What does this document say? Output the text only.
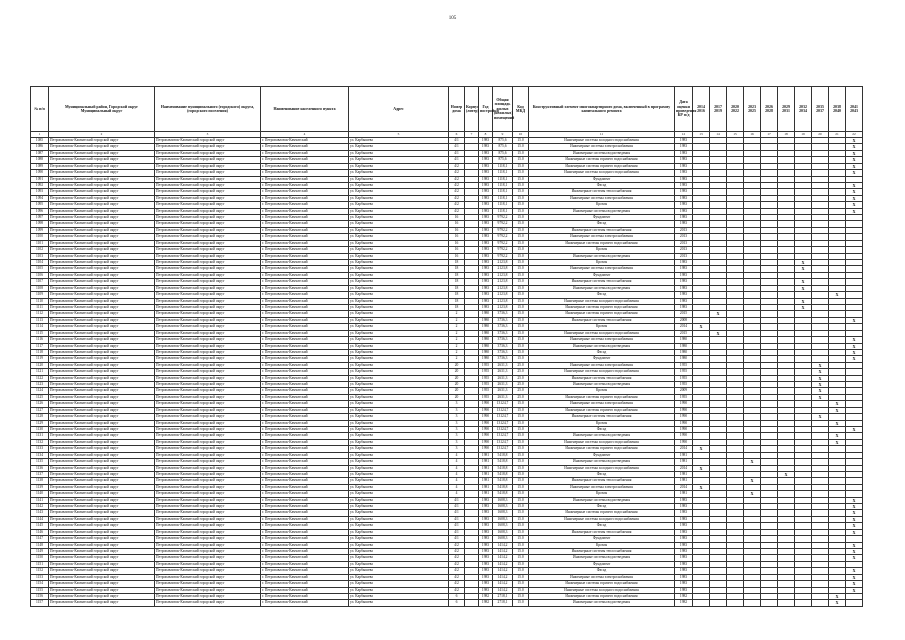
105
№ п/п	Муниципальный район, Городской округ Муниципальный округ	Наименование муниципального (городского) округа, (городского поселения)	Наименование населенного пункта	Адрес	Номер дома	Корпус (литер)	Год постройки	Общая площадь жилых (нежилых) помещений	Код МКД	Конструктивный элемент многоквартирного дома, включенный в программу капитального ремонта	Дата оценки проведения КР м/д	2014 2016	2017 2019	2020 2022	2023 2025	2026 2028	2029 2031	2032 2034	2035 2037	2038 2040	2041 2043
1	2	3	4	5	6	7	8	9	10	11	12	13	14	15	16	17	18	19	20	21	22
1085	Петропавловск-Камчатский городской округ	Петропавловск-Камчатский городской округ	г. Петропавловск-Камчатский	ул. Карбышева	4/1		1983	875,6	15.0	Инженерные системы холодного водоснабжения	1983										X
1086	Петропавловск-Камчатский городской округ	Петропавловск-Камчатский городской округ	г. Петропавловск-Камчатский	ул. Карбышева	4/1		1983	875,6	15.0	Инженерные системы электроснабжения	1983										X
1087	Петропавловск-Камчатский городской округ	Петропавловск-Камчатский городской округ	г. Петропавловск-Камчатский	ул. Карбышева	4/1		1983	875,6	15.0	Инженерные системы водоотведения	1983										X
1088	Петропавловск-Камчатский городской округ	Петропавловск-Камчатский городской округ	г. Петропавловск-Камчатский	ул. Карбышева	4/1		1983	875,6	15.0	Инженерные системы горячего водоснабжения	1983										X
1089	Петропавловск-Камчатский городской округ	Петропавловск-Камчатский городской округ	г. Петропавловск-Камчатский	ул. Карбышева	4/2		1983	1118,1	15.0	Инженерные системы горячего водоснабжения	1983										X
1090	Петропавловск-Камчатский городской округ	Петропавловск-Камчатский городской округ	г. Петропавловск-Камчатский	ул. Карбышева	4/2		1983	1118,1	15.0	Инженерные системы холодного водоснабжения	1983										X
1091	Петропавловск-Камчатский городской округ	Петропавловск-Камчатский городской округ	г. Петропавловск-Камчатский	ул. Карбышева	4/2		1983	1118,1	15.0	Фундамент	1983										
1092	Петропавловск-Камчатский городской округ	Петропавловск-Камчатский городской округ	г. Петропавловск-Камчатский	ул. Карбышева	4/2		1983	1118,1	15.0	Фасад	1983										X
1093	Петропавловск-Камчатский городской округ	Петропавловск-Камчатский городской округ	г. Петропавловск-Камчатский	ул. Карбышева	4/2		1983	1118,1	15.0	Инженерные системы теплоснабжения	1983										X
1094	Петропавловск-Камчатский городской округ	Петропавловск-Камчатский городской округ	г. Петропавловск-Камчатский	ул. Карбышева	4/2		1983	1118,1	15.0	Инженерные системы электроснабжения	1983										X
1095	Петропавловск-Камчатский городской округ	Петропавловск-Камчатский городской округ	г. Петропавловск-Камчатский	ул. Карбышева	4/2		1983	1118,1	15.0	Кровля	1983										X
1096	Петропавловск-Камчатский городской округ	Петропавловск-Камчатский городской округ	г. Петропавловск-Камчатский	ул. Карбышева	4/2		1983	1118,1	15.0	Инженерные системы водоотведения	1983										X
1097	Петропавловск-Камчатский городской округ	Петропавловск-Камчатский городской округ	г. Петропавловск-Камчатский	ул. Карбышева	16		1983	9792,2	15.0	Фундамент	1983										
1098	Петропавловск-Камчатский городской округ	Петропавловск-Камчатский городской округ	г. Петропавловск-Камчатский	ул. Карбышева	16		1983	9792,2	15.0	Фасад	1983										
1099	Петропавловск-Камчатский городской округ	Петропавловск-Камчатский городской округ	г. Петропавловск-Камчатский	ул. Карбышева	16		1983	9792,2	15.0	Инженерные системы теплоснабжения	2013										
1100	Петропавловск-Камчатский городской округ	Петропавловск-Камчатский городской округ	г. Петропавловск-Камчатский	ул. Карбышева	16		1983	9792,2	15.0	Инженерные системы электроснабжения	2013										
1101	Петропавловск-Камчатский городской округ	Петропавловск-Камчатский городской округ	г. Петропавловск-Камчатский	ул. Карбышева	16		1983	9792,2	15.0	Инженерные системы горячего водоснабжения	2013										
1102	Петропавловск-Камчатский городской округ	Петропавловск-Камчатский городской округ	г. Петропавловск-Камчатский	ул. Карбышева	16		1983	9792,2	15.0	Кровля	2013										
1103	Петропавловск-Камчатский городской округ	Петропавловск-Камчатский городской округ	г. Петропавловск-Камчатский	ул. Карбышева	16		1983	9792,2	15.0	Инженерные системы водоотведения	2013										
1104	Петропавловск-Камчатский городской округ	Петропавловск-Камчатский городской округ	г. Петропавловск-Камчатский	ул. Карбышева	18		1983	2123,8	15.0	Кровля	1983							X			
1105	Петропавловск-Камчатский городской округ	Петропавловск-Камчатский городской округ	г. Петропавловск-Камчатский	ул. Карбышева	18		1983	2123,8	15.0	Инженерные системы электроснабжения	1983							X			
1106	Петропавловск-Камчатский городской округ	Петропавловск-Камчатский городской округ	г. Петропавловск-Камчатский	ул. Карбышева	18		1983	2123,8	15.0	Фундамент	1983										
1107	Петропавловск-Камчатский городской округ	Петропавловск-Камчатский городской округ	г. Петропавловск-Камчатский	ул. Карбышева	18		1983	2123,8	15.0	Инженерные системы теплоснабжения	1983							X			
1108	Петропавловск-Камчатский городской округ	Петропавловск-Камчатский городской округ	г. Петропавловск-Камчатский	ул. Карбышева	18		1983	2123,8	15.0	Инженерные системы водоотведения	1983							X			
1109	Петропавловск-Камчатский городской округ	Петропавловск-Камчатский городской округ	г. Петропавловск-Камчатский	ул. Карбышева	18		1983	2123,8	15.0	Фасад	1983									X	
1110	Петропавловск-Камчатский городской округ	Петропавловск-Камчатский городской округ	г. Петропавловск-Камчатский	ул. Карбышева	18		1983	2123,8	15.0	Инженерные системы холодного водоснабжения	1983							X			
1111	Петропавловск-Камчатский городской округ	Петропавловск-Камчатский городской округ	г. Петропавловск-Камчатский	ул. Карбышева	18		1983	2123,8	15.0	Инженерные системы горячего водоснабжения	1983							X			
1112	Петропавловск-Камчатский городской округ	Петропавловск-Камчатский городской округ	г. Петропавловск-Камчатский	ул. Карбышева	2		1980	3736,3	15.0	Инженерные системы горячего водоснабжения	2015		X								
1113	Петропавловск-Камчатский городской округ	Петропавловск-Камчатский городской округ	г. Петропавловск-Камчатский	ул. Карбышева	2		1980	3736,3	15.0	Инженерные системы теплоснабжения	2008										X
1114	Петропавловск-Камчатский городской округ	Петропавловск-Камчатский городской округ	г. Петропавловск-Камчатский	ул. Карбышева	2		1980	3736,3	15.0	Кровля	2014	X									
1115	Петропавловск-Камчатский городской округ	Петропавловск-Камчатский городской округ	г. Петропавловск-Камчатский	ул. Карбышева	2		1980	3736,3	15.0	Инженерные системы холодного водоснабжения	2015		X								
1116	Петропавловск-Камчатский городской округ	Петропавловск-Камчатский городской округ	г. Петропавловск-Камчатский	ул. Карбышева	2		1980	3736,3	15.0	Инженерные системы электроснабжения	1980										X
1117	Петропавловск-Камчатский городской округ	Петропавловск-Камчатский городской округ	г. Петропавловск-Камчатский	ул. Карбышева	2		1980	3736,3	15.0	Инженерные системы водоотведения	1980										X
1118	Петропавловск-Камчатский городской округ	Петропавловск-Камчатский городской округ	г. Петропавловск-Камчатский	ул. Карбышева	2		1980	3736,3	15.0	Фасад	1980										X
1119	Петропавловск-Камчатский городской округ	Петропавловск-Камчатский городской округ	г. Петропавловск-Камчатский	ул. Карбышева	2		1980	3736,3	15.0	Фундамент	1980										X
1120	Петропавловск-Камчатский городской округ	Петропавловск-Камчатский городской округ	г. Петропавловск-Камчатский	ул. Карбышева	20		1955	2631,3	25.0	Инженерные системы электроснабжения	1955								X		
1121	Петропавловск-Камчатский городской округ	Петропавловск-Камчатский городской округ	г. Петропавловск-Камчатский	ул. Карбышева	20		1955	2631,3	25.0	Инженерные системы холодного водоснабжения	1955								X		
1122	Петропавловск-Камчатский городской округ	Петропавловск-Камчатский городской округ	г. Петропавловск-Камчатский	ул. Карбышева	20		1955	2631,3	25.0	Инженерные системы теплоснабжения	1955								X		
1123	Петропавловск-Камчатский городской округ	Петропавловск-Камчатский городской округ	г. Петропавловск-Камчатский	ул. Карбышева	20		1955	2631,3	25.0	Инженерные системы водоотведения	1955								X		
1124	Петропавловск-Камчатский городской округ	Петропавловск-Камчатский городской округ	г. Петропавловск-Камчатский	ул. Карбышева	20		1955	2631,3	25.0	Кровля	2009								X		
1125	Петропавловск-Камчатский городской округ	Петропавловск-Камчатский городской округ	г. Петропавловск-Камчатский	ул. Карбышева	20		1955	2631,3	25.0	Инженерные системы горячего водоснабжения	1955								X		
1126	Петропавловск-Камчатский городской округ	Петропавловск-Камчатский городской округ	г. Петропавловск-Камчатский	ул. Карбышева	3		1990	13124,7	15.0	Инженерные системы электроснабжения	1990									X	
1127	Петропавловск-Камчатский городской округ	Петропавловск-Камчатский городской округ	г. Петропавловск-Камчатский	ул. Карбышева	3		1990	13124,7	15.0	Инженерные системы горячего водоснабжения	1990									X	
1128	Петропавловск-Камчатский городской округ	Петропавловск-Камчатский городской округ	г. Петропавловск-Камчатский	ул. Карбышева	3		1990	13124,7	15.0	Инженерные системы теплоснабжения	1990								X		
1129	Петропавловск-Камчатский городской округ	Петропавловск-Камчатский городской округ	г. Петропавловск-Камчатский	ул. Карбышева	3		1990	13124,7	15.0	Кровля	1990									X	
1130	Петропавловск-Камчатский городской округ	Петропавловск-Камчатский городской округ	г. Петропавловск-Камчатский	ул. Карбышева	3		1990	13124,7	15.0	Фасад	1990										X
1131	Петропавловск-Камчатский городской округ	Петропавловск-Камчатский городской округ	г. Петропавловск-Камчатский	ул. Карбышева	3		1990	13124,7	15.0	Инженерные системы водоотведения	1990									X	
1132	Петропавловск-Камчатский городской округ	Петропавловск-Камчатский городской округ	г. Петропавловск-Камчатский	ул. Карбышева	3		1990	13124,7	15.0	Инженерные системы холодного водоснабжения	1990									X	
1133	Петропавловск-Камчатский городской округ	Петропавловск-Камчатский городской округ	г. Петропавловск-Камчатский	ул. Карбышева	3		1990	13124,7	15.0	Инженерные системы горячего водоснабжения	2014	X									
1134	Петропавловск-Камчатский городской округ	Петропавловск-Камчатский городской округ	г. Петропавловск-Камчатский	ул. Карбышева	4		1981	5418,8	15.0	Фундамент	1981										
1135	Петропавловск-Камчатский городской округ	Петропавловск-Камчатский городской округ	г. Петропавловск-Камчатский	ул. Карбышева	4		1981	5418,8	15.0	Инженерные системы водоотведения	1981				X						
1136	Петропавловск-Камчатский городской округ	Петропавловск-Камчатский городской округ	г. Петропавловск-Камчатский	ул. Карбышева	4		1981	5418,8	15.0	Инженерные системы холодного водоснабжения	2014	X									
1137	Петропавловск-Камчатский городской округ	Петропавловск-Камчатский городской округ	г. Петропавловск-Камчатский	ул. Карбышева	4		1981	5418,8	15.0	Фасад	1981						X				
1138	Петропавловск-Камчатский городской округ	Петропавловск-Камчатский городской округ	г. Петропавловск-Камчатский	ул. Карбышева	4		1981	5418,8	15.0	Инженерные системы теплоснабжения	1981				X						
1139	Петропавловск-Камчатский городской округ	Петропавловск-Камчатский городской округ	г. Петропавловск-Камчатский	ул. Карбышева	4		1981	5418,8	15.0	Инженерные системы электроснабжения	2014	X									
1140	Петропавловск-Камчатский городской округ	Петропавловск-Камчатский городской округ	г. Петропавловск-Камчатский	ул. Карбышева	4		1981	5418,8	15.0	Кровля	1981				X						
1141	Петропавловск-Камчатский городской округ	Петропавловск-Камчатский городской округ	г. Петропавловск-Камчатский	ул. Карбышева	4/1		1983	1608,3	15.0	Инженерные системы водоотведения	1983										X
1142	Петропавловск-Камчатский городской округ	Петропавловск-Камчатский городской округ	г. Петропавловск-Камчатский	ул. Карбышева	4/1		1983	1608,3	15.0	Фасад	1983										X
1143	Петропавловск-Камчатский городской округ	Петропавловск-Камчатский городской округ	г. Петропавловск-Камчатский	ул. Карбышева	4/1		1983	1608,3	15.0	Инженерные системы горячего водоснабжения	1983										X
1144	Петропавловск-Камчатский городской округ	Петропавловск-Камчатский городской округ	г. Петропавловск-Камчатский	ул. Карбышева	4/1		1983	1608,3	15.0	Инженерные системы холодного водоснабжения	1983										X
1145	Петропавловск-Камчатский городской округ	Петропавловск-Камчатский городской округ	г. Петропавловск-Камчатский	ул. Карбышева	4/1		1983	1608,3	15.0	Фасад	1983										X
1146	Петропавловск-Камчатский городской округ	Петропавловск-Камчатский городской округ	г. Петропавловск-Камчатский	ул. Карбышева	4/1		1983	1608,3	15.0	Инженерные системы теплоснабжения	1983										X
1147	Петропавловск-Камчатский городской округ	Петропавловск-Камчатский городской округ	г. Петропавловск-Камчатский	ул. Карбышева	4/1		1983	1608,3	15.0	Фундамент	1983										
1148	Петропавловск-Камчатский городской округ	Петропавловск-Камчатский городской округ	г. Петропавловск-Камчатский	ул. Карбышева	4/2		1983	1414,2	15.0	Кровля	1983										X
1149	Петропавловск-Камчатский городской округ	Петропавловск-Камчатский городской округ	г. Петропавловск-Камчатский	ул. Карбышева	4/2		1983	1414,2	15.0	Инженерные системы теплоснабжения	1983										X
1150	Петропавловск-Камчатский городской округ	Петропавловск-Камчатский городской округ	г. Петропавловск-Камчатский	ул. Карбышева	4/2		1983	1414,2	15.0	Инженерные системы водоотведения	1983										X
1151	Петропавловск-Камчатский городской округ	Петропавловск-Камчатский городской округ	г. Петропавловск-Камчатский	ул. Карбышева	4/2		1983	1414,2	15.0	Фундамент	1983										
1152	Петропавловск-Камчатский городской округ	Петропавловск-Камчатский городской округ	г. Петропавловск-Камчатский	ул. Карбышева	4/2		1983	1414,2	15.0	Фасад	1983										X
1153	Петропавловск-Камчатский городской округ	Петропавловск-Камчатский городской округ	г. Петропавловск-Камчатский	ул. Карбышева	4/2		1983	1414,2	15.0	Инженерные системы электроснабжения	1983										X
1154	Петропавловск-Камчатский городской округ	Петропавловск-Камчатский городской округ	г. Петропавловск-Камчатский	ул. Карбышева	4/2		1983	1414,2	15.0	Инженерные системы горячего водоснабжения	1983										X
1155	Петропавловск-Камчатский городской округ	Петропавловск-Камчатский городской округ	г. Петропавловск-Камчатский	ул. Карбышева	4/2		1983	1414,2	15.0	Инженерные системы холодного водоснабжения	1983										X
1156	Петропавловск-Камчатский городской округ	Петропавловск-Камчатский городской округ	г. Петропавловск-Камчатский	ул. Карбышева	6		1982	2718,1	15.0	Инженерные системы горячего водоснабжения	1982									X	
1157	Петропавловск-Камчатский городской округ	Петропавловск-Камчатский городской округ	г. Петропавловск-Камчатский	ул. Карбышева	6		1982	2718,1	15.0	Инженерные системы водоотведения	1982									X	
